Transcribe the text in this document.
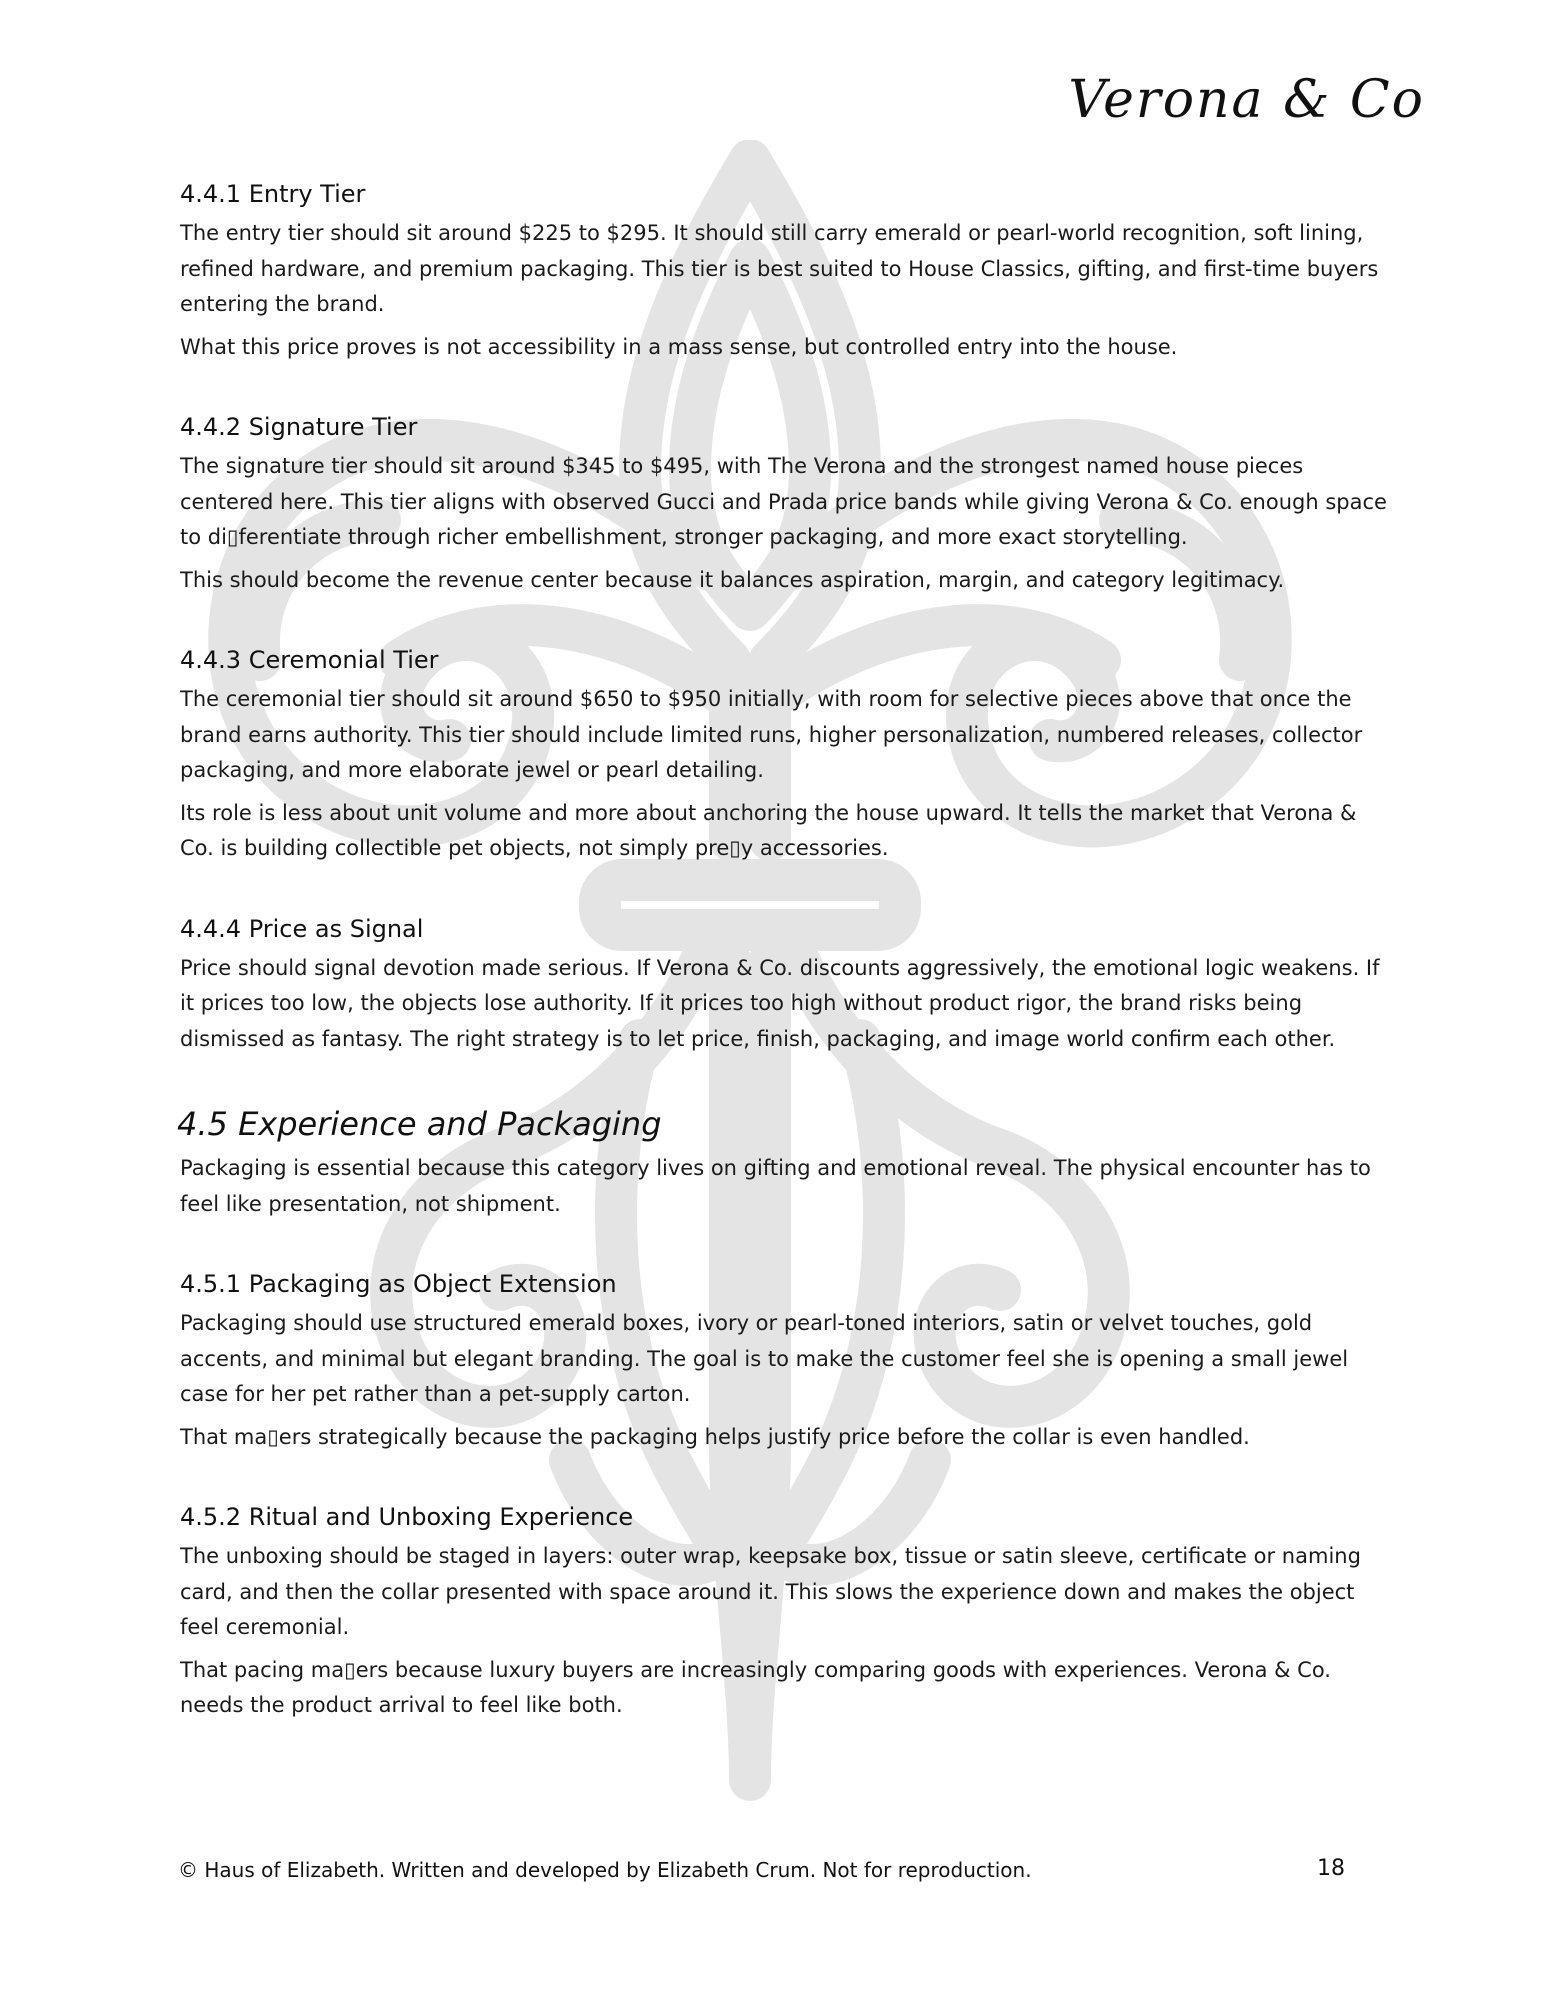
Verona & Co
4.4.1 Entry Tier

The entry tier should sit around $225 to $295. It should still carry emerald or pearl-world recognition, soft lining, refined hardware, and premium packaging. This tier is best suited to House Classics, gifting, and first-time buyers entering the brand.

What this price proves is not accessibility in a mass sense, but controlled entry into the house.

4.4.2 Signature Tier

The signature tier should sit around $345 to $495, with The Verona and the strongest named house pieces centered here. This tier aligns with observed Gucci and Prada price bands while giving Verona & Co. enough space to di▯ferentiate through richer embellishment, stronger packaging, and more exact storytelling.

This should become the revenue center because it balances aspiration, margin, and category legitimacy.

4.4.3 Ceremonial Tier

The ceremonial tier should sit around $650 to $950 initially, with room for selective pieces above that once the brand earns authority. This tier should include limited runs, higher personalization, numbered releases, collector packaging, and more elaborate jewel or pearl detailing.

Its role is less about unit volume and more about anchoring the house upward. It tells the market that Verona & Co. is building collectible pet objects, not simply pre▯y accessories.

4.4.4 Price as Signal

Price should signal devotion made serious. If Verona & Co. discounts aggressively, the emotional logic weakens. If it prices too low, the objects lose authority. If it prices too high without product rigor, the brand risks being dismissed as fantasy. The right strategy is to let price, finish, packaging, and image world confirm each other.

4.5 Experience and Packaging

Packaging is essential because this category lives on gifting and emotional reveal. The physical encounter has to feel like presentation, not shipment.

4.5.1 Packaging as Object Extension

Packaging should use structured emerald boxes, ivory or pearl-toned interiors, satin or velvet touches, gold accents, and minimal but elegant branding. The goal is to make the customer feel she is opening a small jewel case for her pet rather than a pet-supply carton.

That ma▯ers strategically because the packaging helps justify price before the collar is even handled.

4.5.2 Ritual and Unboxing Experience

The unboxing should be staged in layers: outer wrap, keepsake box, tissue or satin sleeve, certificate or naming card, and then the collar presented with space around it. This slows the experience down and makes the object feel ceremonial.

That pacing ma▯ers because luxury buyers are increasingly comparing goods with experiences. Verona & Co. needs the product arrival to feel like both.

© Haus of Elizabeth. Written and developed by Elizabeth Crum. Not for reproduction.	18
